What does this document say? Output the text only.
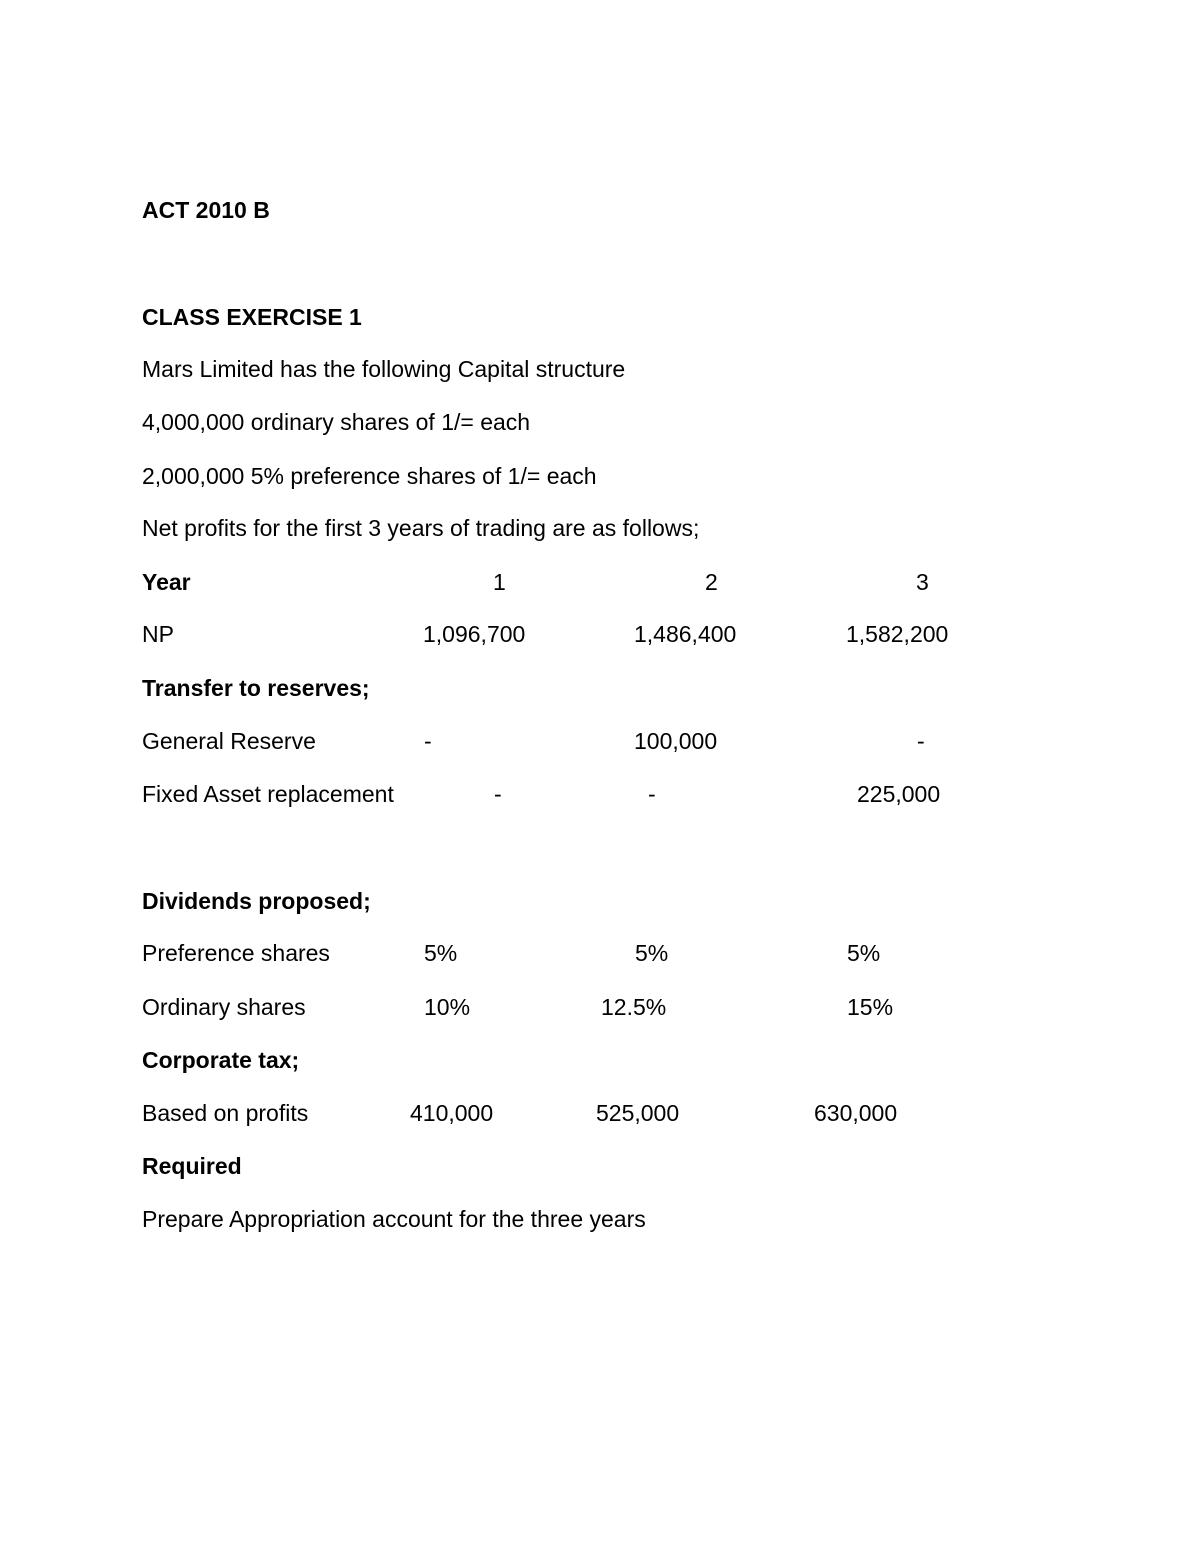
ACT 2010 B
CLASS EXERCISE 1
Mars Limited has the following Capital structure
4,000,000 ordinary shares of 1/= each
2,000,000 5% preference shares of 1/= each
Net profits for the first 3 years of trading are as follows;
Year	1	2	3
NP	1,096,700	1,486,400	1,582,200
Transfer to reserves;
General Reserve	-	100,000	-
Fixed Asset replacement	-	-	225,000
Dividends proposed;
Preference shares	5%	5%	5%
Ordinary shares	10%	12.5%	15%
Corporate tax;
Based on profits	410,000	525,000	630,000
Required
Prepare Appropriation account for the three years
